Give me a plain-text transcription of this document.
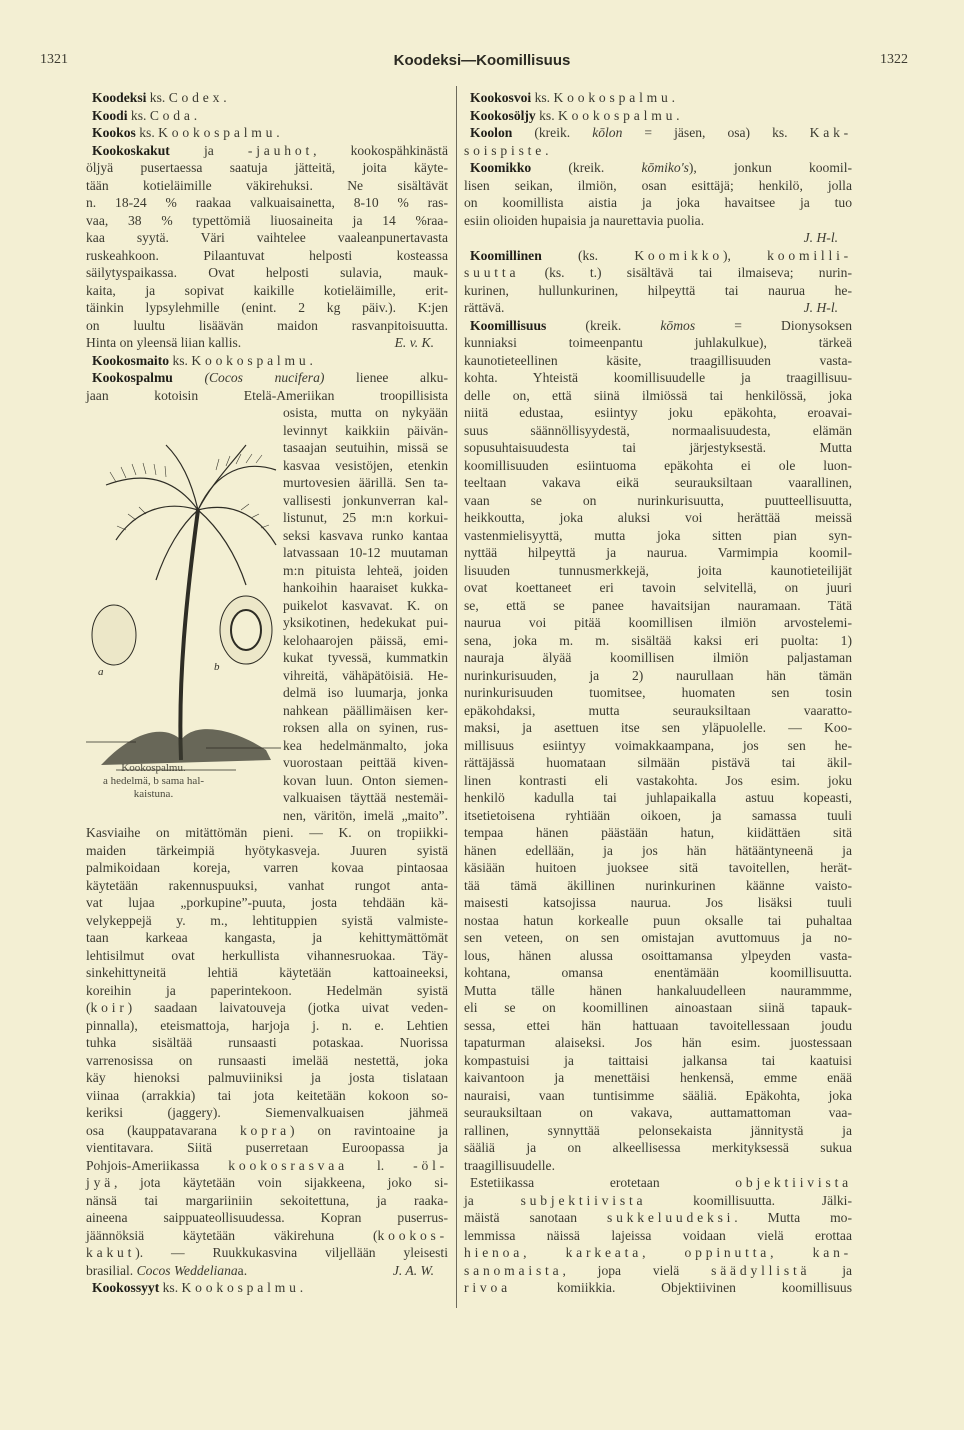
1321	Koodeksi—Koomillisuus	1322
Koodeksi ks. Codex.
Koodi ks. Coda.
Kookos ks. Kookospalmu.
Kookoskakut ja -jauhot, kookospähkinästä
öljyä pusertaessa saatuja jätteitä, joita käyte-
tään kotieläimille väkirehuksi. Ne sisältävät
n. 18-24 % raakaa valkuaisainetta, 8-10 % ras-
vaa, 38 % typettömiä liuosaineita ja 14 %raa-
kaa syytä. Väri vaihtelee vaaleanpunertavasta
ruskeahkoon. Pilaantuvat helposti kosteassa
säilytyspaikassa. Ovat helposti sulavia, mauk-
kaita, ja sopivat kaikille kotieläimille, erit-
täinkin lypsylehmille (enint. 2 kg päiv.). K:jen
on luultu lisäävän maidon rasvanpitoisuutta.
E. v. K.
Hinta on yleensä liian kallis.
Kookosmaito ks. Kookospalmu.
Kookospalmu (Cocos nucifera) lienee alku-
jaan kotoisin Etelä-Ameriikan troopillisista
osista, mutta on nykyään
levinnyt kaikkiin päivän-
tasaajan seutuihin, missä se
kasvaa vesistöjen, etenkin
murtovesien äärillä. Sen ta-
vallisesti jonkunverran kal-
listunut, 25 m:n korkui-
seksi kasvava runko kantaa
latvassaan 10-12 muutaman
m:n pituista lehteä, joiden
hankoihin haaraiset kukka-
puikelot kasvavat. K. on
yksikotinen, hedekukat pui-
kelohaarojen päissä, emi-
kukat tyvessä, kummatkin
vihreitä, vähäpätöisiä. He-
delmä iso luumarja, jonka
nahkean päällimäisen ker-
roksen alla on syinen, rus-
kea hedelmänmalto, joka
vuorostaan peittää kiven-
kovan luun. Onton siemen-
valkuaisen täyttää nestemäi-
nen, väritön, imelä „maito”.
Kasviaihe on mitättömän pieni. — K. on tropiikki-
maiden tärkeimpiä hyötykasveja. Juuren syistä
palmikoidaan koreja, varren kovaa pintaosaa
käytetään rakennuspuuksi, vanhat rungot anta-
vat lujaa „porkupine”-puuta, josta tehdään kä-
velykeppejä y. m., lehtituppien syistä valmiste-
taan karkeaa kangasta, ja kehittymättömät
lehtisilmut ovat herkullista vihannesruokaa. Täy-
sinkehittyneitä lehtiä käytetään kattoaineeksi,
koreihin ja paperintekoon. Hedelmän syistä
(koir) saadaan laivatouveja (jotka uivat veden-
pinnalla), eteismattoja, harjoja j. n. e. Lehtien
tuhka sisältää runsaasti potaskaa. Nuorissa
varrenosissa on runsaasti imelää nestettä, joka
käy hienoksi palmuviiniksi ja josta tislataan
viinaa (arrakkia) tai jota keitetään kokoon so-
keriksi (jaggery). Siemenvalkuaisen jähmeä
osa (kauppatavarana kopra) on ravintoaine ja
vientitavara. Siitä puserretaan Euroopassa ja
Pohjois-Ameriikassa kookosrasvaa l. -öl-
jyä, jota käytetään voin sijakkeena, joko si-
nänsä tai margariiniin sekoitettuna, ja raaka-
aineena saippuateollisuudessa. Kopran puserrus-
jäännöksiä käytetään väkirehuna (kookos-
kakut). — Ruukkukasvina viljellään yleisesti
J. A. W.
brasilial. Cocos Weddelianaa.
Kookossyyt ks. Kookospalmu.
Kookosvoi ks. Kookospalmu.
Kookosöljy ks. Kookospalmu.
Koolon (kreik. kōlon = jäsen, osa) ks. Kak-
soispiste.
Koomikko (kreik. kōmiko's), jonkun koomil-
lisen seikan, ilmiön, osan esittäjä; henkilö, jolla
on koomillista aistia ja joka havaitsee ja tuo
esiin olioiden hupaisia ja naurettavia puolia.
J. H-l.
Koomillinen (ks. Koomikko), koomilli-
suutta (ks. t.) sisältävä tai ilmaiseva; nurin-
kurinen, hullunkurinen, hilpeyttä tai naurua he-
J. H-l.
rättävä.
Koomillisuus (kreik. kōmos = Dionysoksen
kunniaksi toimeenpantu juhlakulkue), tärkeä
kaunotieteellinen käsite, traagillisuuden vasta-
kohta. Yhteistä koomillisuudelle ja traagillisuu-
delle on, että siinä ilmiössä tai henkilössä, joka
niitä edustaa, esiintyy joku epäkohta, eroavai-
suus säännöllisyydestä, normaalisuudesta, elämän
sopusuhtaisuudesta tai järjestyksestä. Mutta
koomillisuuden esiintuoma epäkohta ei ole luon-
teeltaan vakava eikä seurauksiltaan vaarallinen,
vaan se on nurinkurisuutta, puutteellisuutta,
heikkoutta, joka aluksi voi herättää meissä
vastenmielisyyttä, mutta joka sitten pian syn-
nyttää hilpeyttä ja naurua. Varmimpia koomil-
lisuuden tunnusmerkkejä, joita kaunotieteilijät
ovat koettaneet eri tavoin selvitellä, on juuri
se, että se panee havaitsijan nauramaan. Tätä
naurua voi pitää koomillisen ilmiön arvostelemi-
sena, joka m. m. sisältää kaksi eri puolta: 1)
nauraja älyää koomillisen ilmiön paljastaman
nurinkurisuuden, ja 2) naurullaan hän tämän
nurinkurisuuden tuomitsee, huomaten sen tosin
epäkohdaksi, mutta seurauksiltaan vaaratto-
maksi, ja asettuen itse sen yläpuolelle. — Koo-
millisuus esiintyy voimakkaampana, jos sen he-
rättäjässä huomataan silmään pistävä tai äkil-
linen kontrasti eli vastakohta. Jos esim. joku
henkilö kadulla tai juhlapaikalla astuu kopeasti,
itsetietoisena ryhtiään oikoen, ja samassa tuuli
tempaa hänen päästään hatun, kiidättäen sitä
hänen edellään, ja jos hän hätääntyneenä ja
käsiään huitoen juoksee sitä tavoitellen, herät-
tää tämä äkillinen nurinkurinen käänne vaisto-
maisesti katsojissa naurua. Jos lisäksi tuuli
nostaa hatun korkealle puun oksalle tai puhaltaa
sen veteen, on sen omistajan avuttomuus ja no-
lous, hänen alussa osoittamansa ylpeyden vasta-
kohtana, omansa enentämään koomillisuutta.
Mutta tälle hänen hankaluudelleen naurammme,
eli se on koomillinen ainoastaan siinä tapauk-
sessa, ettei hän hattuaan tavoitellessaan joudu
tapaturman alaiseksi. Jos hän esim. juostessaan
kompastuisi ja taittaisi jalkansa tai kaatuisi
kaivantoon ja menettäisi henkensä, emme enää
nauraisi, vaan tuntisimme sääliä. Epäkohta, joka
seurauksiltaan on vakava, auttamattoman vaa-
rallinen, synnyttää pelonsekaista jännitystä ja
sääliä ja on alkeellisessa merkityksessä sukua
traagillisuudelle.
Estetiikassa erotetaan objektiivista
ja subjektiivista koomillisuutta. Jälki-
mäistä sanotaan sukkeluudeksi. Mutta mo-
lemmissa näissä lajeissa voidaan vielä erottaa
hienoa, karkeata, oppinutta, kan-
sanomaista, jopa vielä säädyllistä ja
rivoa komiikkia. Objektiivinen koomillisuus
a	b
Kookospalmu.
a hedelmä, b sama hal-
kaistuna.
